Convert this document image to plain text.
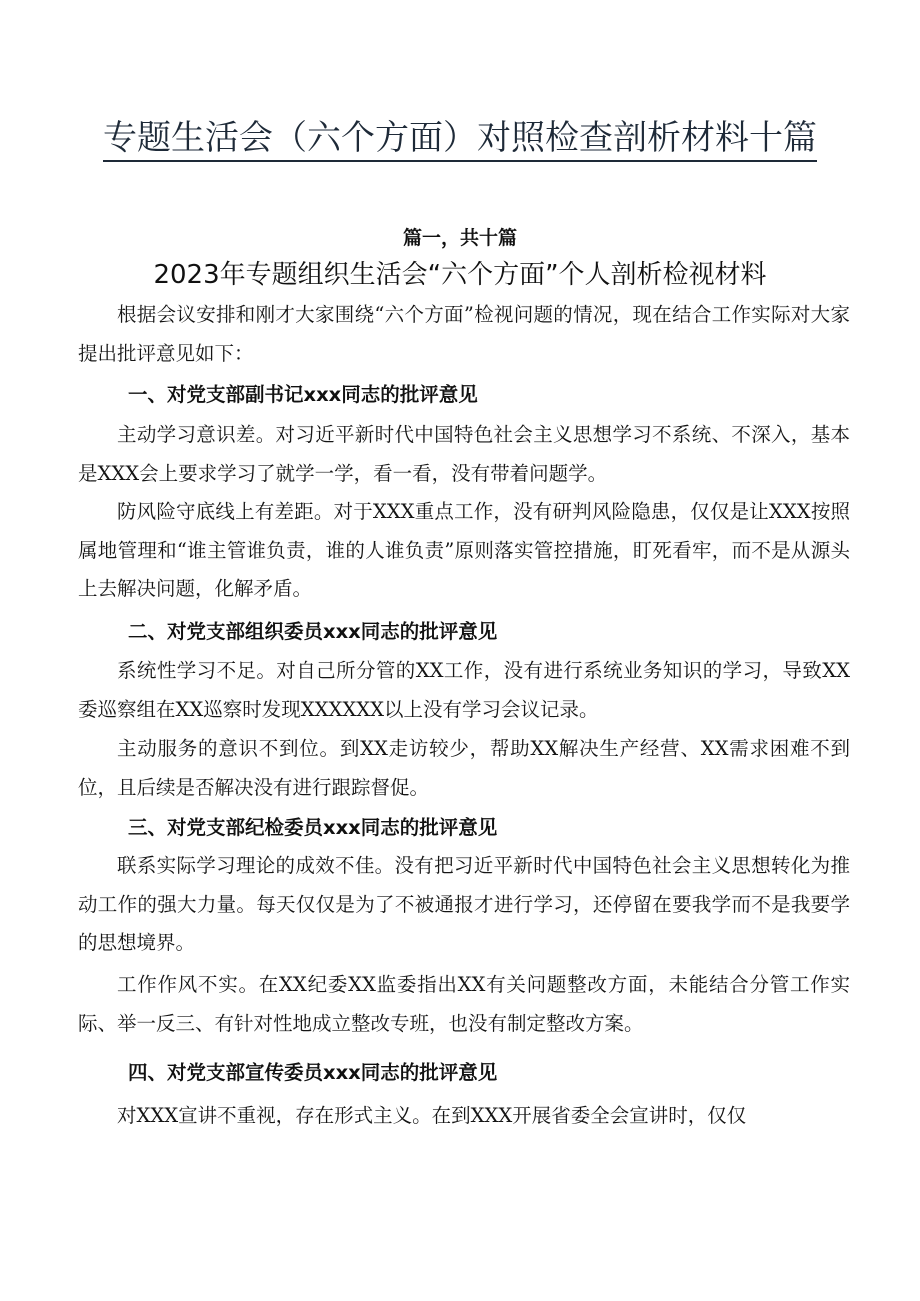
专题生活会（六个方面）对照检查剖析材料十篇
篇一，共十篇
2023年专题组织生活会“六个方面”个人剖析检视材料

根据会议安排和刚才大家围绕“六个方面”检视问题的情况，现在结合工作实际对大家提出批评意见如下：

一、对党支部副书记xxx同志的批评意见

主动学习意识差。对习近平新时代中国特色社会主义思想学习不系统、不深入，基本是XXX会上要求学习了就学一学，看一看，没有带着问题学。

防风险守底线上有差距。对于XXX重点工作，没有研判风险隐患，仅仅是让XXX按照属地管理和“谁主管谁负责，谁的人谁负责”原则落实管控措施，盯死看牢，而不是从源头上去解决问题，化解矛盾。

二、对党支部组织委员xxx同志的批评意见

系统性学习不足。对自己所分管的XX工作，没有进行系统业务知识的学习，导致XX委巡察组在XX巡察时发现XXXXXX以上没有学习会议记录。

主动服务的意识不到位。到XX走访较少，帮助XX解决生产经营、XX需求困难不到位，且后续是否解决没有进行跟踪督促。

三、对党支部纪检委员xxx同志的批评意见

联系实际学习理论的成效不佳。没有把习近平新时代中国特色社会主义思想转化为推动工作的强大力量。每天仅仅是为了不被通报才进行学习，还停留在要我学而不是我要学的思想境界。

工作作风不实。在XX纪委XX监委指出XX有关问题整改方面，未能结合分管工作实际、举一反三、有针对性地成立整改专班，也没有制定整改方案。

四、对党支部宣传委员xxx同志的批评意见

对XXX宣讲不重视，存在形式主义。在到XXX开展省委全会宣讲时，仅仅
